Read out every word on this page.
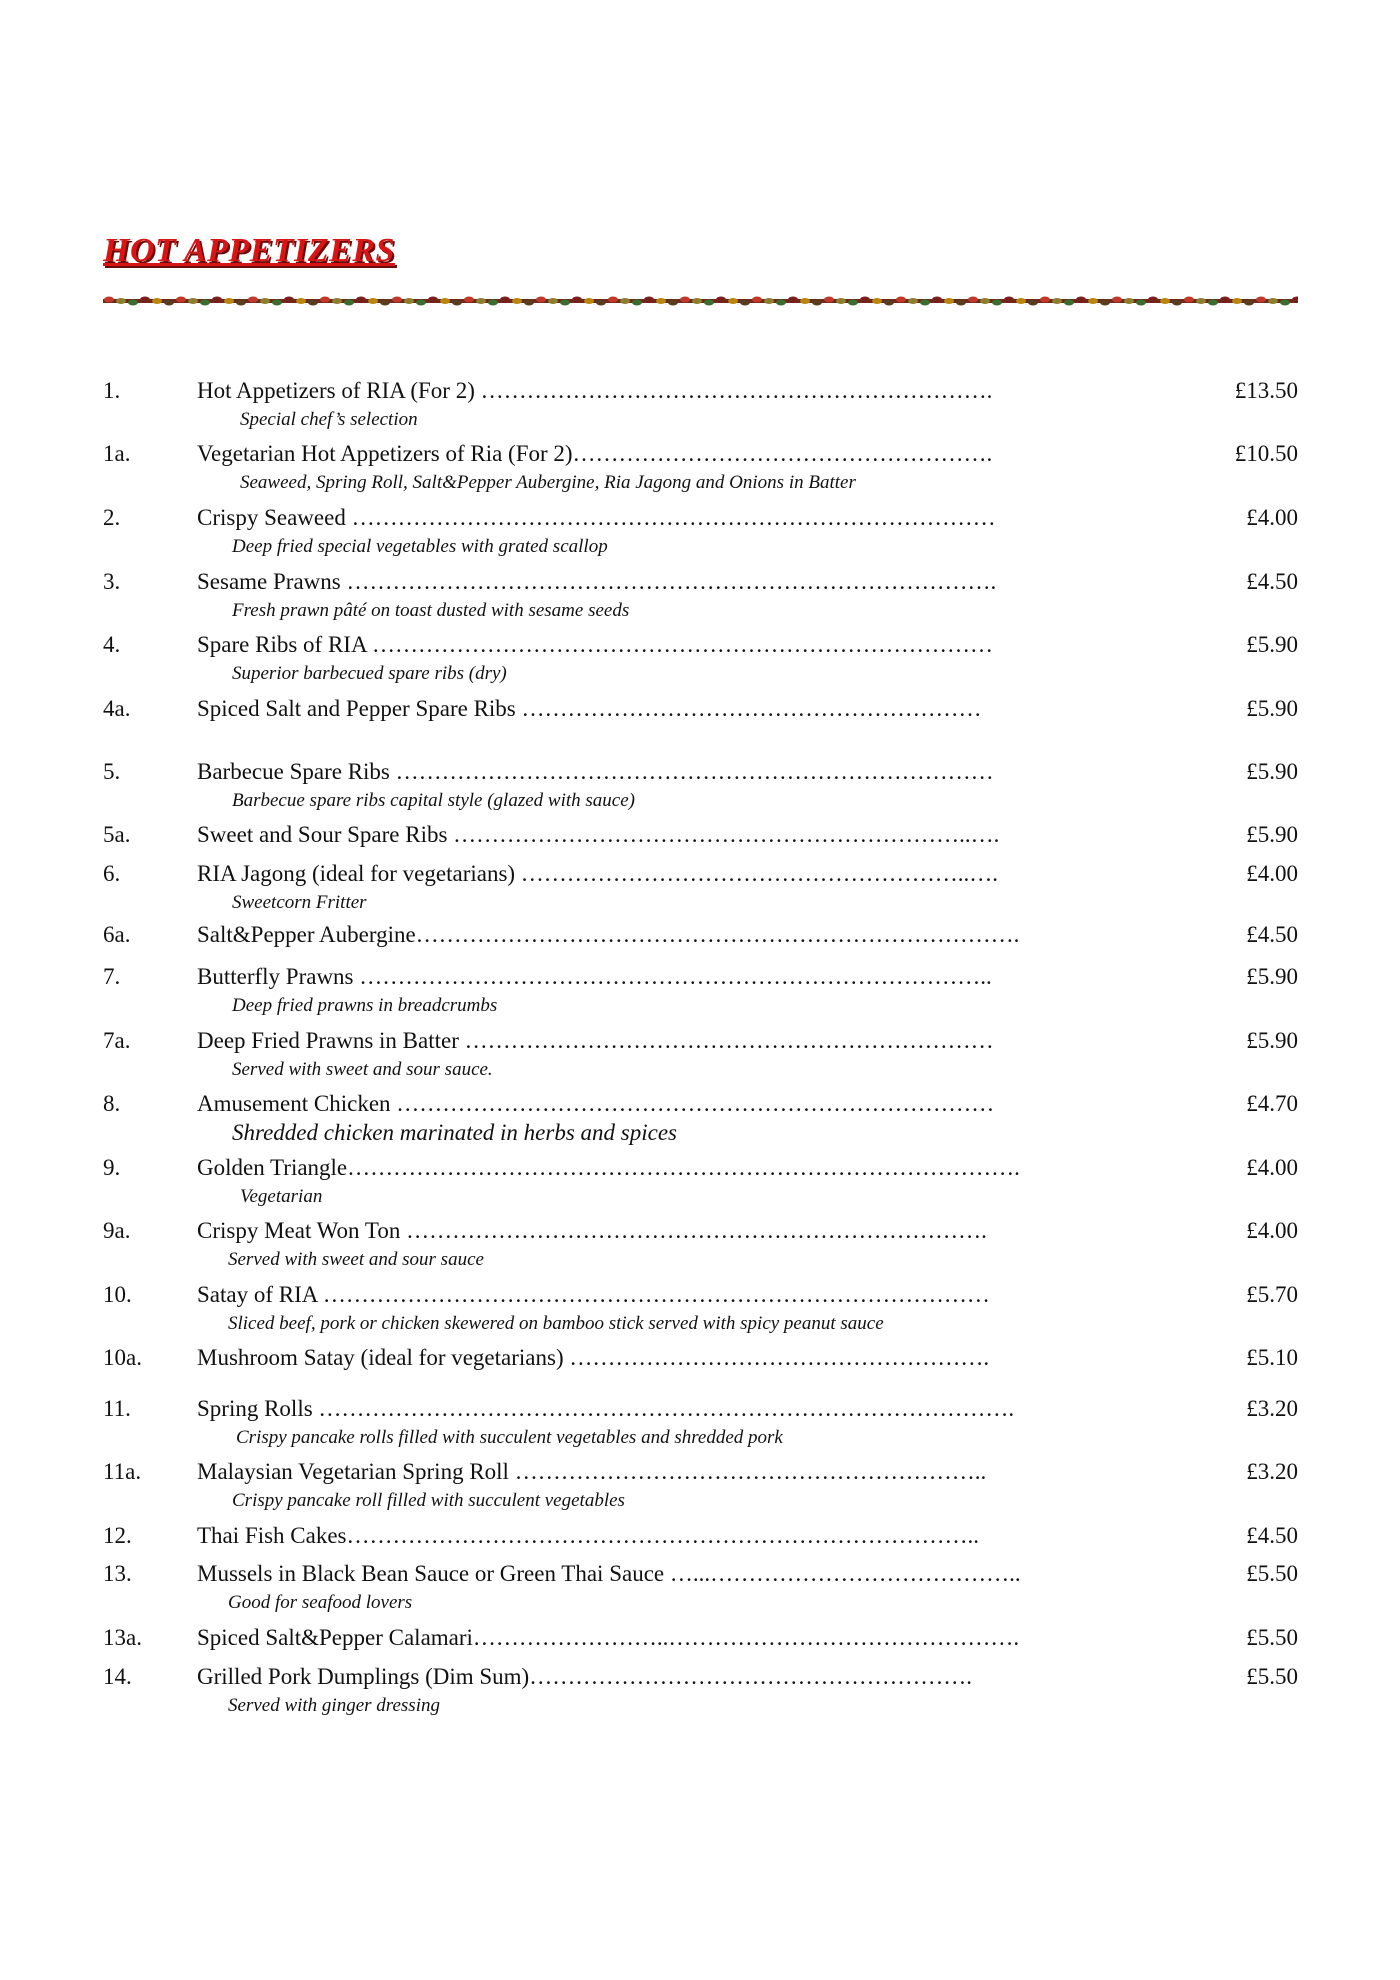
HOT APPETIZERS
1.	Hot Appetizers of RIA (For 2) ………………………………………………………….	£13.50
Special chef’s selection
1a.	Vegetarian Hot Appetizers of Ria (For 2)……………………………………………….	£10.50
Seaweed, Spring Roll, Salt&Pepper Aubergine, Ria Jagong and Onions in Batter
2.	Crispy Seaweed …………………………………………………………………………	£4.00
Deep fried special vegetables with grated scallop
3.	Sesame Prawns ………………………………………………………………………….	£4.50
Fresh prawn pâté on toast dusted with sesame seeds
4.	Spare Ribs of RIA ………………………………………………………………………	£5.90
Superior barbecued spare ribs (dry)
4a.	Spiced Salt and Pepper Spare Ribs ……………………………………………………	£5.90
5.	Barbecue Spare Ribs ……………………………………………………………………	£5.90
Barbecue spare ribs capital style (glazed with sauce)
5a.	Sweet and Sour Spare Ribs …………………………………………………………..….	£5.90
6.	RIA Jagong (ideal for vegetarians) …………………………………………………..….	£4.00
Sweetcorn Fritter
6a.	Salt&Pepper Aubergine…………………………………………………………………….	£4.50
7.	Butterfly Prawns ………………………………………………………………………..	£5.90
Deep fried prawns in breadcrumbs
7a.	Deep Fried Prawns in Batter ……………………………………………………………	£5.90
Served with sweet and sour sauce.
8.	Amusement Chicken ……………………………………………………………………	£4.70
Shredded chicken marinated in herbs and spices
9.	Golden Triangle…………………………………………………………………………….	£4.00
Vegetarian
9a.	Crispy Meat Won Ton ………………………………………………………………….	£4.00
Served with sweet and sour sauce
10.	Satay of RIA ……………………………………………………………………………	£5.70
Sliced beef, pork or chicken skewered on bamboo stick served with spicy peanut sauce
10a. Mushroom Satay (ideal for vegetarians) ……………………………………………….	£5.10
11.	Spring Rolls ……………………………………………………………………………….	£3.20
Crispy pancake rolls filled with succulent vegetables and shredded pork
11a. Malaysian Vegetarian Spring Roll ……………………………………………………..	£3.20
Crispy pancake roll filled with succulent vegetables
12.	Thai Fish Cakes………………………………………………………………………..	£4.50
13.	Mussels in Black Bean Sauce or Green Thai Sauce …...…………………………………..	£5.50
Good for seafood lovers
13a. Spiced Salt&Pepper Calamari……………………..……………………………………….	£5.50
14.	Grilled Pork Dumplings (Dim Sum)………………………………………………….	£5.50
Served with ginger dressing
